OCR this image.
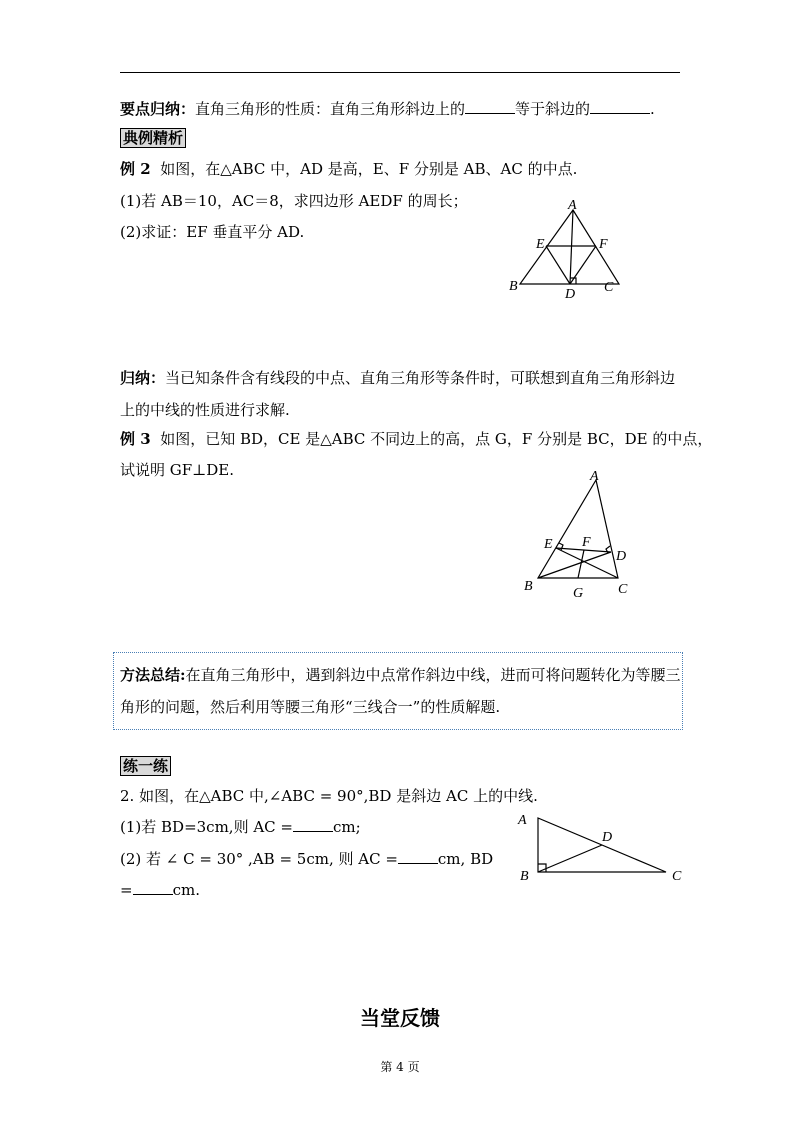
要点归纳：直角三角形的性质：直角三角形斜边上的	等于斜边的	.
典例精析
例 2 如图，在△ABC 中，AD 是高，E、F 分别是 AB、AC 的中点.
(1)若 AB＝10，AC＝8，求四边形 AEDF 的周长；
(2)求证：EF 垂直平分 AD.
A
E	F
B
D C
归纳：当已知条件含有线段的中点、直角三角形等条件时，可联想到直角三角形斜边
上的中线的性质进行求解.
例 3 如图，已知 BD，CE 是△ABC 不同边上的高，点 G，F 分别是 BC，DE 的中点，
试说明 GF⊥DE.	A
E F
D
B	G C
方法总结:在直角三角形中，遇到斜边中点常作斜边中线，进而可将问题转化为等腰三
角形的问题，然后利用等腰三角形“三线合一”的性质解题.
练一练
2. 如图，在△ABC 中,∠ABC = 90°,BD 是斜边 AC 上的中线.
(1)若 BD=3cm,则 AC =	cm;
(2) 若 ∠ C = 30° ,AB = 5cm, 则 AC =	cm, BD
=	cm.
A
D
B	C
当堂反馈
第 4 页
